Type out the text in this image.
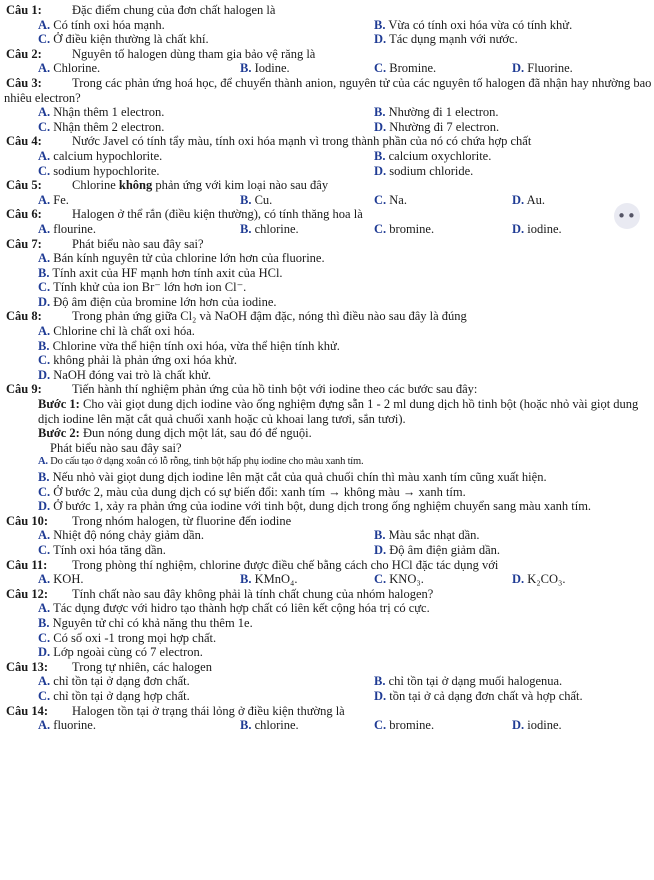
Câu 1: Đặc điểm chung của đơn chất halogen là
A. Có tính oxi hóa mạnh.	B. Vừa có tính oxi hóa vừa có tính khử.
C. Ở điều kiện thường là chất khí.	D. Tác dụng mạnh với nước.
Câu 2: Nguyên tố halogen dùng tham gia bảo vệ răng là
A. Chlorine.	B. Iodine.	C. Bromine.	D. Fluorine.
Câu 3: Trong các phản ứng hoá học, để chuyển thành anion, nguyên tử của các nguyên tố halogen đã nhận hay nhường bao nhiêu electron?
A. Nhận thêm 1 electron.	B. Nhường đi 1 electron.
C. Nhận thêm 2 electron.	D. Nhường đi 7 electron.
Câu 4: Nước Javel có tính tẩy màu, tính oxi hóa mạnh vì trong thành phần của nó có chứa hợp chất
A. calcium hypochlorite.	B. calcium oxychlorite.
C. sodium hypochlorite.	D. sodium chloride.
Câu 5: Chlorine không phản ứng với kim loại nào sau đây
A. Fe.	B. Cu.	C. Na.	D. Au.
Câu 6: Halogen ở thể rắn (điều kiện thường), có tính thăng hoa là
A. flourine.	B. chlorine.	C. bromine.	D. iodine.
Câu 7: Phát biểu nào sau đây sai?
A. Bán kính nguyên tử của chlorine lớn hơn của fluorine.
B. Tính axit của HF mạnh hơn tính axit của HCl.
C. Tính khử của ion Br⁻ lớn hơn ion Cl⁻.
D. Độ âm điện của bromine lớn hơn của iodine.
Câu 8: Trong phản ứng giữa Cl₂ và NaOH đậm đặc, nóng thì điều nào sau đây là đúng
A. Chlorine chỉ là chất oxi hóa.
B. Chlorine vừa thể hiện tính oxi hóa, vừa thể hiện tính khử.
C. không phải là phản ứng oxi hóa khử.
D. NaOH đóng vai trò là chất khử.
Câu 9: Tiến hành thí nghiệm phản ứng của hồ tinh bột với iodine theo các bước sau đây:
Bước 1: Cho vài giọt dung dịch iodine vào ống nghiệm đựng sẵn 1 - 2 ml dung dịch hồ tinh bột (hoặc nhỏ vài giọt dung dịch iodine lên mặt cắt quả chuối xanh hoặc củ khoai lang tươi, sắn tươi).
Bước 2: Đun nóng dung dịch một lát, sau đó để nguội.
Phát biểu nào sau đây sai?
A. Do cấu tạo ở dạng xoắn có lỗ rỗng, tinh bột hấp phụ iodine cho màu xanh tím.
B. Nếu nhỏ vài giọt dung dịch iodine lên mặt cắt của quả chuối chín thì màu xanh tím cũng xuất hiện.
C. Ở bước 2, màu của dung dịch có sự biến đổi: xanh tím → không màu → xanh tím.
D. Ở bước 1, xảy ra phản ứng của iodine với tinh bột, dung dịch trong ống nghiệm chuyển sang màu xanh tím.
Câu 10: Trong nhóm halogen, từ fluorine đến iodine
A. Nhiệt độ nóng chảy giảm dần.	B. Màu sắc nhạt dần.
C. Tính oxi hóa tăng dần.	D. Độ âm điện giảm dần.
Câu 11: Trong phòng thí nghiệm, chlorine được điều chế bằng cách cho HCl đặc tác dụng với
A. KOH.	B. KMnO₄.	C. KNO₃.	D. K₂CO₃.
Câu 12: Tính chất nào sau đây không phải là tính chất chung của nhóm halogen?
A. Tác dụng được với hidro tạo thành hợp chất có liên kết cộng hóa trị có cực.
B. Nguyên tử chỉ có khả năng thu thêm 1e.
C. Có số oxi -1 trong mọi hợp chất.
D. Lớp ngoài cùng có 7 electron.
Câu 13: Trong tự nhiên, các halogen
A. chỉ tồn tại ở dạng đơn chất.	B. chỉ tồn tại ở dạng muối halogenua.
C. chỉ tồn tại ở dạng hợp chất.	D. tồn tại ở cả dạng đơn chất và hợp chất.
Câu 14: Halogen tồn tại ở trạng thái lỏng ở điều kiện thường là
A. fluorine.	B. chlorine.	C. bromine.	D. iodine.
••
